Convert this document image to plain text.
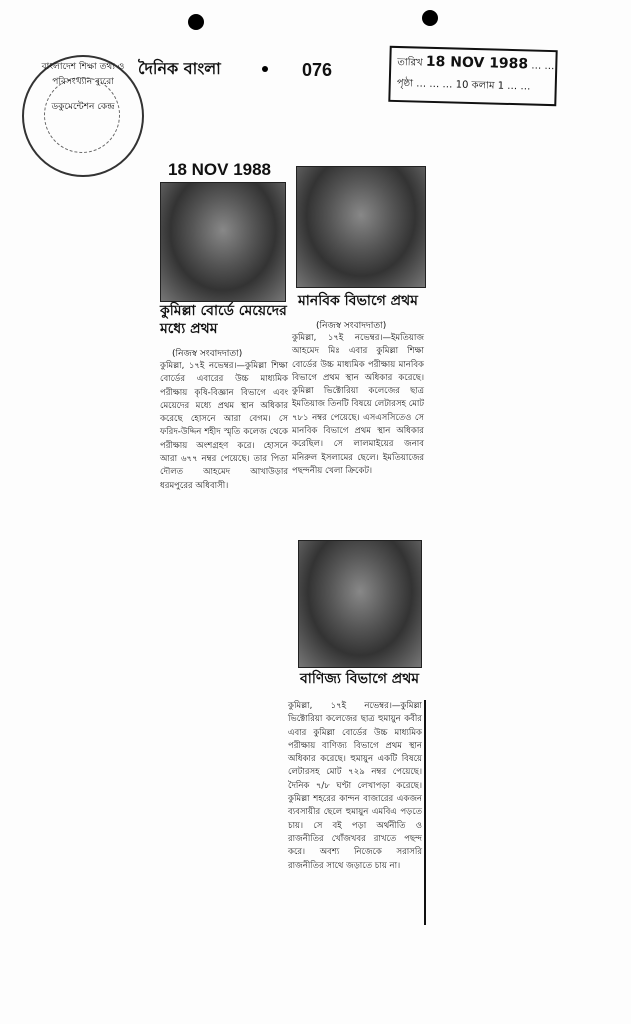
বাংলাদেশ শিক্ষা তথ্য ও পরিসংখ্যান ব্যুরো
ডকুমেন্টেশন কেন্দ্র
দৈনিক বাংলা	076	তারিখ 18 NOV 1988 … …
পৃষ্ঠা … … … 10 কলাম 1 … …
18 NOV 1988
কুমিল্লা বোর্ডে মেয়েদের মধ্যে প্রথম
(নিজস্ব সংবাদদাতা)
কুমিল্লা, ১৭ই নভেম্বর।—কুমিল্লা শিক্ষা বোর্ডের এবারের উচ্চ মাধ্যমিক পরীক্ষায় কৃষি-বিজ্ঞান বিভাগে এবং মেয়েদের মধ্যে প্রথম স্থান অধিকার করেছে হোসনে আরা বেগম। সে ফরিদ-উদ্দিন শহীদ স্মৃতি কলেজ থেকে পরীক্ষায় অংশগ্রহণ করে। হোসনে আরা ৬৭৭ নম্বর পেয়েছে। তার পিতা দৌলত আহমেদ আখাউড়ার ধরমপুরের অধিবাসী।
মানবিক বিভাগে প্রথম
(নিজস্ব সংবাদদাতা)
কুমিল্লা, ১৭ই নভেম্বর।—ইমতিয়াজ আহমেদ মিঃ এবার কুমিল্লা শিক্ষা বোর্ডের উচ্চ মাধ্যমিক পরীক্ষায় মানবিক বিভাগে প্রথম স্থান অধিকার করেছে। কুমিল্লা ভিক্টোরিয়া কলেজের ছাত্র ইমতিয়াজ তিনটি বিষয়ে লেটারসহ মোট ৭৮১ নম্বর পেয়েছে। এসএসসিতেও সে মানবিক বিভাগে প্রথম স্থান অধিকার করেছিল। সে লালমাইয়ের জনাব মনিরুল ইসলামের ছেলে। ইমতিয়াজের পছন্দনীয় খেলা ক্রিকেট।
বাণিজ্য বিভাগে প্রথম
কুমিল্লা, ১৭ই নভেম্বর।—কুমিল্লা ভিক্টোরিয়া কলেজের ছাত্র হুমায়ুন কবীর এবার কুমিল্লা বোর্ডের উচ্চ মাধ্যমিক পরীক্ষায় বাণিজ্য বিভাগে প্রথম স্থান অধিকার করেছে। হুমায়ুন একটি বিষয়ে লেটারসহ মোট ৭২৯ নম্বর পেয়েছে। দৈনিক ৭/৮ ঘণ্টা লেখাপড়া করেছে। কুমিল্লা শহরের কান্দন বাজারের একজন ব্যবসায়ীর ছেলে হুমায়ুন এমবিএ পড়তে চায়। সে বই পড়া অর্থনীতি ও রাজনীতির খোঁজখবর রাখতে পছন্দ করে। অবশ্য নিজেকে সরাসরি রাজনীতির সাথে জড়াতে চায় না।
